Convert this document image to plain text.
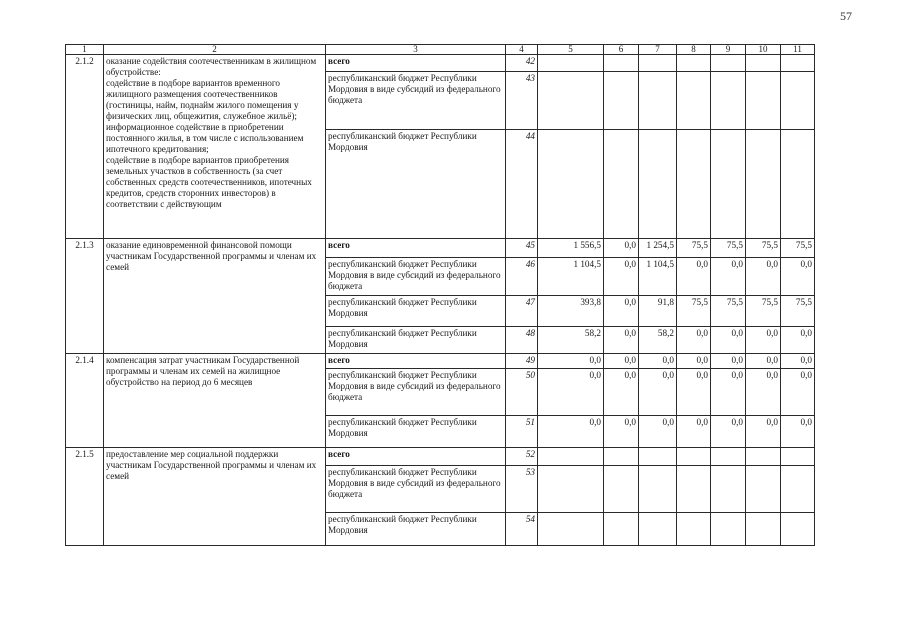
57
1	2	3	4	5	6	7	8	9	10	11
2.1.2	оказание содействия соотечественникам в жилищном обустройстве:
содействие в подборе вариантов временного жилищного размещения соотечественников (гостиницы, найм, поднайм жилого помещения у физических лиц, общежития, служебное жильё);
информационное содействие в приобретении постоянного жилья, в том числе с использованием ипотечного кредитования;
содействие в подборе вариантов приобретения земельных участков в собственность (за счет собственных средств соотечественников, ипотечных кредитов, средств сторонних инвесторов) в соответствии с действующим	всего	42							
		республиканский бюджет Республики Мордовия в виде субсидий из федерального бюджета	43							
		республиканский бюджет Республики Мордовия	44							
2.1.3	оказание единовременной финансовой помощи участникам Государственной программы и членам их семей	всего	45	1 556,5	0,0	1 254,5	75,5	75,5	75,5	75,5
		республиканский бюджет Республики Мордовия в виде субсидий из федерального бюджета	46	1 104,5	0,0	1 104,5	0,0	0,0	0,0	0,0
		республиканский бюджет Республики Мордовия	47	393,8	0,0	91,8	75,5	75,5	75,5	75,5
		республиканский бюджет Республики Мордовия	48	58,2	0,0	58,2	0,0	0,0	0,0	0,0
2.1.4	компенсация затрат участникам Государственной программы и членам их семей на жилищное обустройство на период до 6 месяцев	всего	49	0,0	0,0	0,0	0,0	0,0	0,0	0,0
		республиканский бюджет Республики Мордовия в виде субсидий из федерального бюджета	50	0,0	0,0	0,0	0,0	0,0	0,0	0,0
		республиканский бюджет Республики Мордовия	51	0,0	0,0	0,0	0,0	0,0	0,0	0,0
2.1.5	предоставление мер социальной поддержки участникам Государственной программы и членам их семей	всего	52							
		республиканский бюджет Республики Мордовия в виде субсидий из федерального бюджета	53							
		республиканский бюджет Республики Мордовия	54							
